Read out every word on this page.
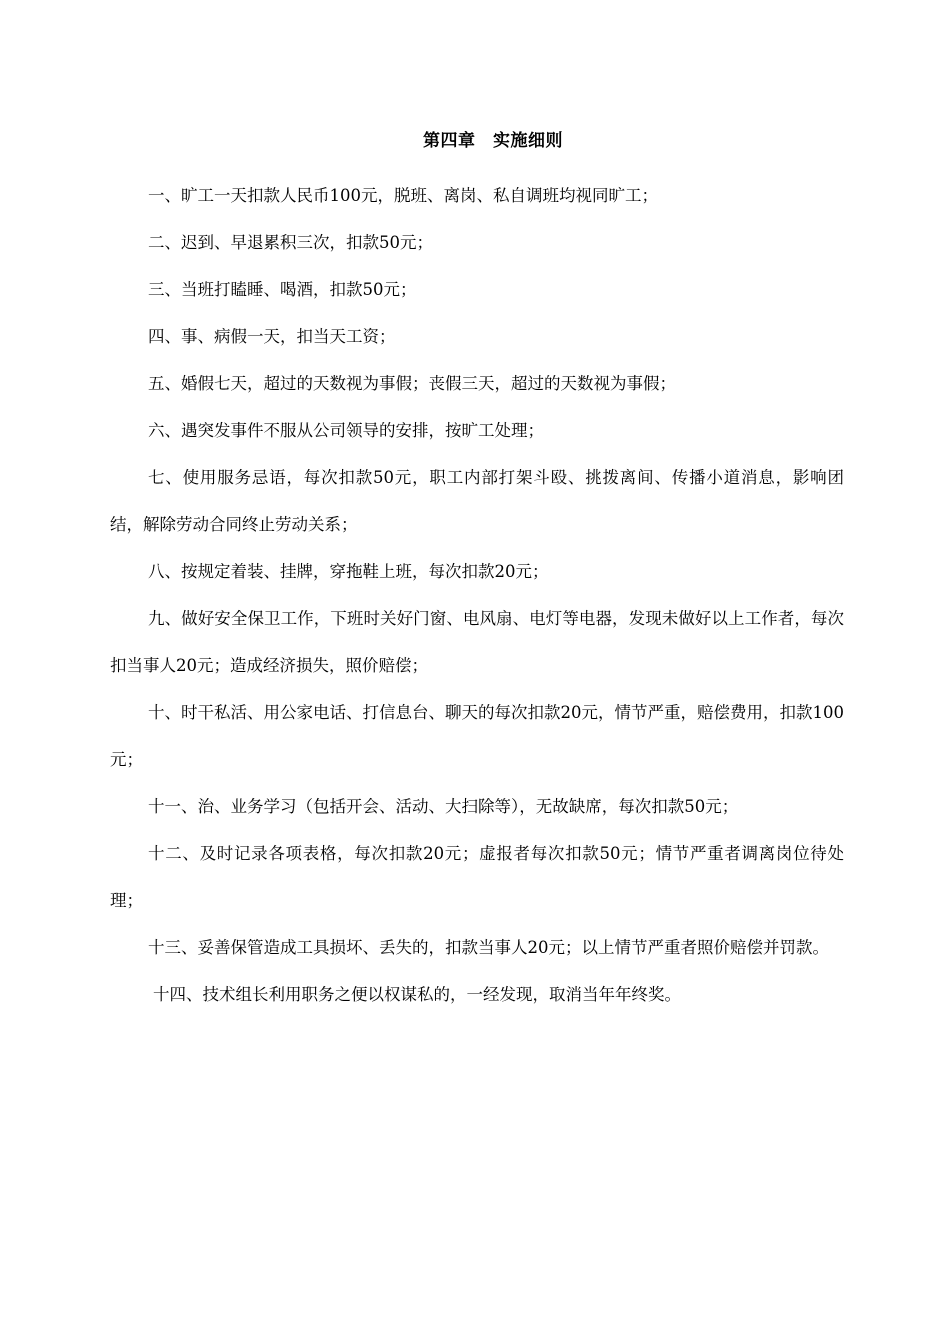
第四章　实施细则

一、旷工一天扣款人民币100元，脱班、离岗、私自调班均视同旷工；

二、迟到、早退累积三次，扣款50元；

三、当班打瞌睡、喝酒，扣款50元；

四、事、病假一天，扣当天工资；

五、婚假七天，超过的天数视为事假；丧假三天，超过的天数视为事假；

六、遇突发事件不服从公司领导的安排，按旷工处理；

七、使用服务忌语，每次扣款50元，职工内部打架斗殴、挑拨离间、传播小道消息，影响团结，解除劳动合同终止劳动关系；

八、按规定着装、挂牌，穿拖鞋上班，每次扣款20元；

九、做好安全保卫工作，下班时关好门窗、电风扇、电灯等电器，发现未做好以上工作者，每次扣当事人20元；造成经济损失，照价赔偿；

十、时干私活、用公家电话、打信息台、聊天的每次扣款20元，情节严重，赔偿费用，扣款100元；

十一、治、业务学习（包括开会、活动、大扫除等），无故缺席，每次扣款50元；

十二、及时记录各项表格，每次扣款20元；虚报者每次扣款50元；情节严重者调离岗位待处理；

十三、妥善保管造成工具损坏、丢失的，扣款当事人20元；以上情节严重者照价赔偿并罚款。

十四、技术组长利用职务之便以权谋私的，一经发现，取消当年年终奖。
